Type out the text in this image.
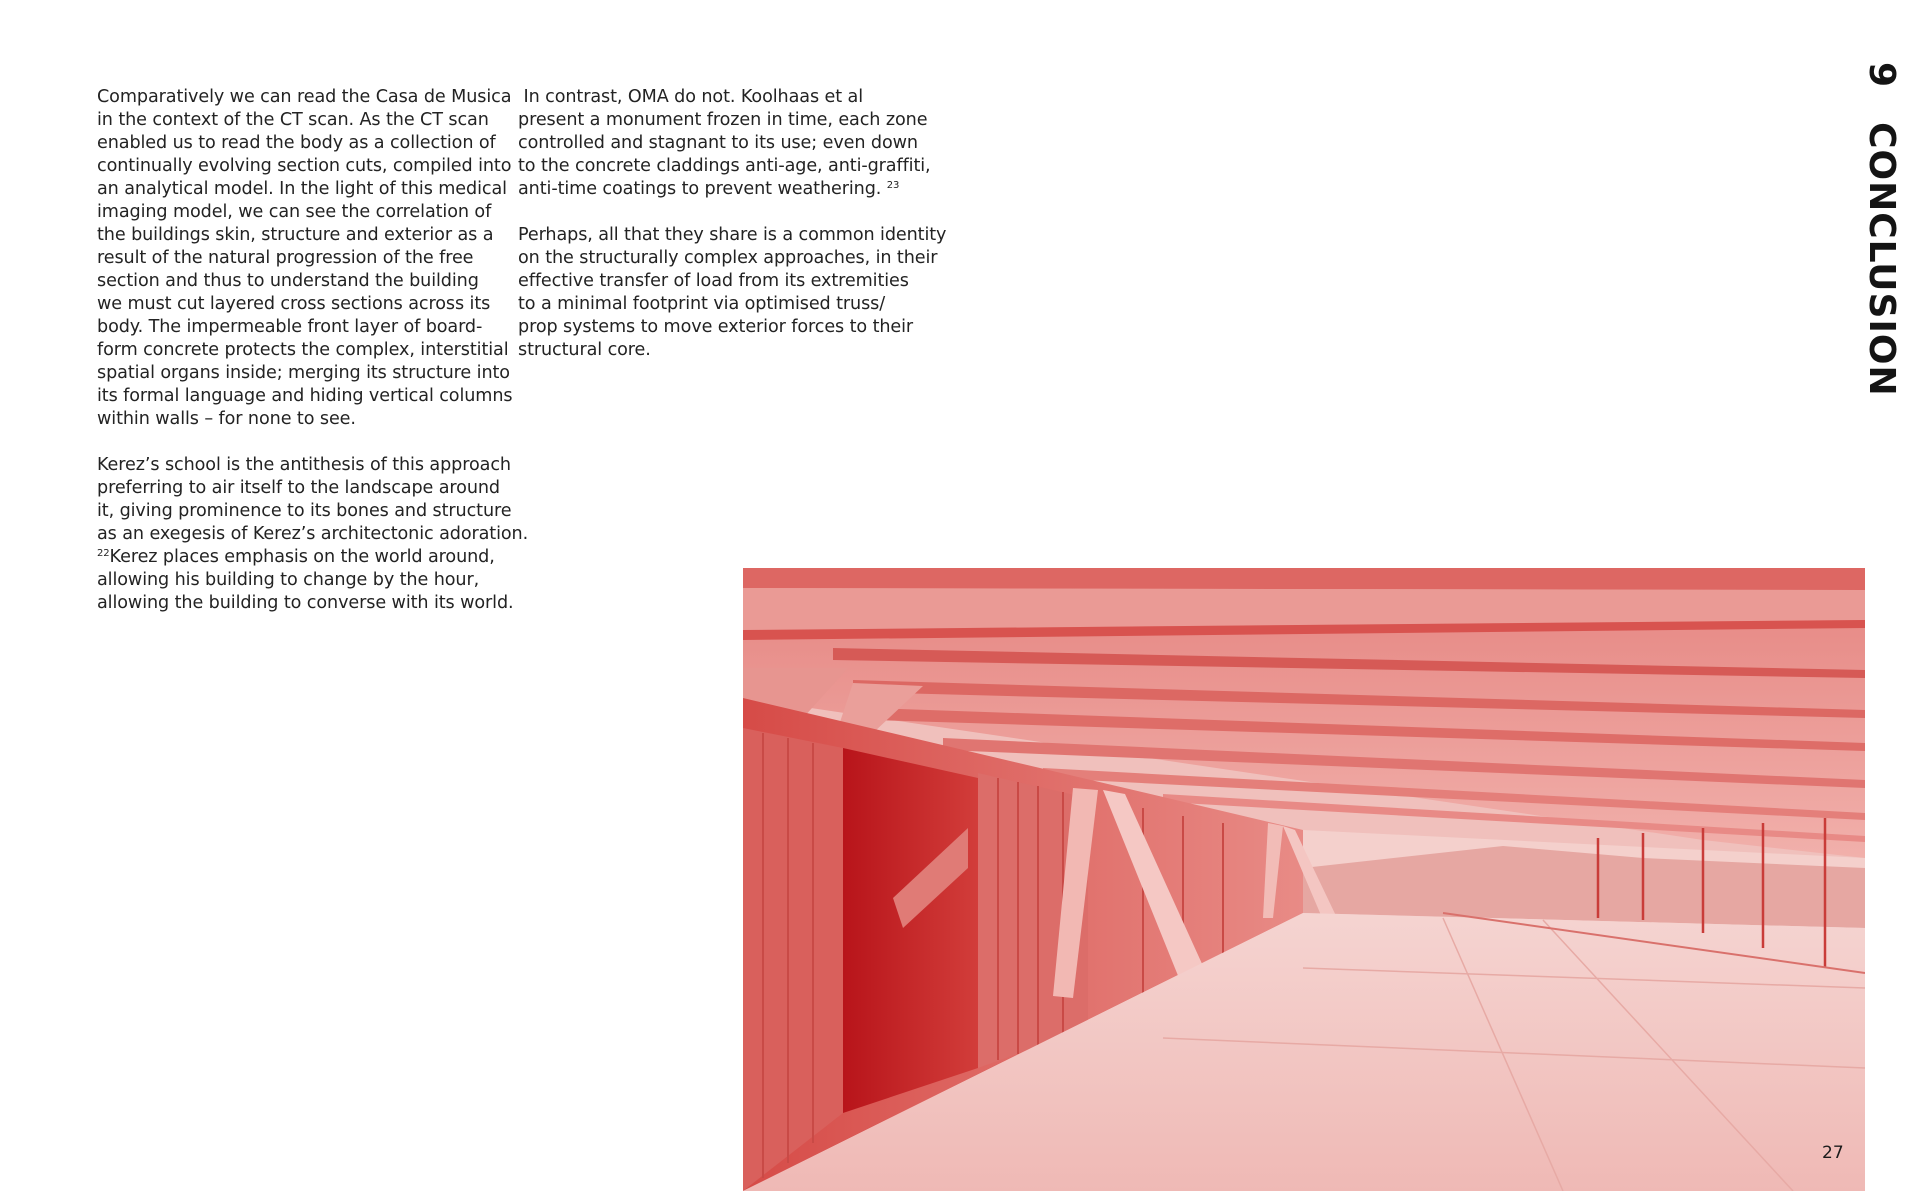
Comparatively we can read the Casa de Musica
in the context of the CT scan. As the CT scan
enabled us to read the body as a collection of
continually evolving section cuts, compiled into
an analytical model. In the light of this medical
imaging model, we can see the correlation of
the buildings skin, structure and exterior as a
result of the natural progression of the free
section and thus to understand the building
we must cut layered cross sections across its
body. The impermeable front layer of board-
form concrete protects the complex, interstitial
spatial organs inside; merging its structure into
its formal language and hiding vertical columns
within walls – for none to see.
Kerez’s school is the antithesis of this approach
preferring to air itself to the landscape around
it, giving prominence to its bones and structure
as an exegesis of Kerez’s architectonic adoration.
$^{22}$Kerez places emphasis on the world around,
allowing his building to change by the hour,
allowing the building to converse with its world.
In contrast, OMA do not. Koolhaas et al
present a monument frozen in time, each zone
controlled and stagnant to its use; even down
to the concrete claddings anti-age, anti-graffiti,
anti-time coatings to prevent weathering. $^{23}$
Perhaps, all that they share is a common identity
on the structurally complex approaches, in their
effective transfer of load from its extremities
to a minimal footprint via optimised truss/
prop systems to move exterior forces to their
structural core.
9CONCLUSION
27
